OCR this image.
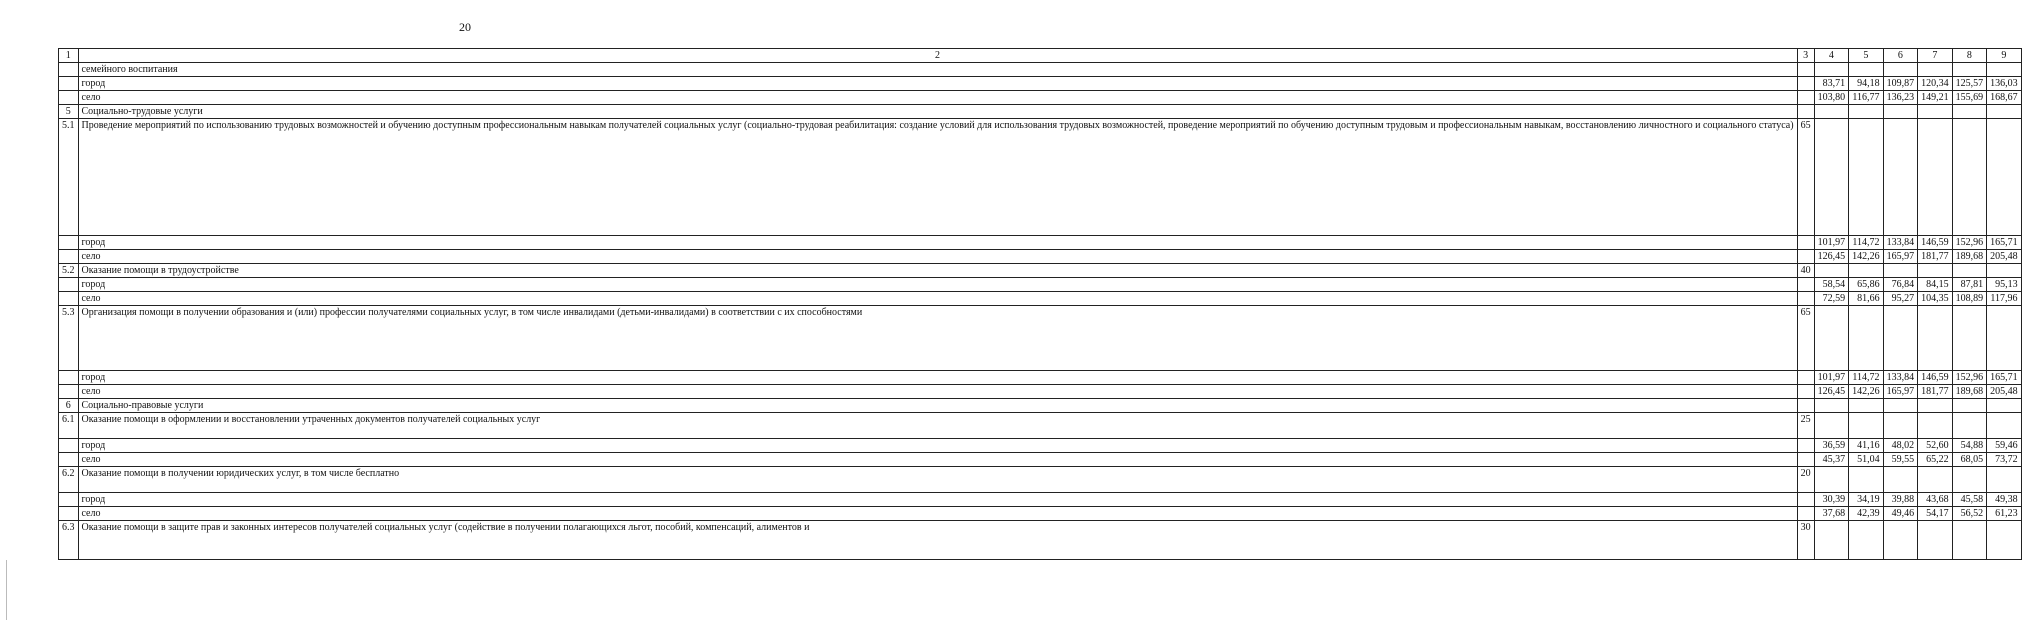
20
1	2	3	4	5	6	7	8	9
	семейного воспитания							
	город		83,71	94,18	109,87	120,34	125,57	136,03
	село		103,80	116,77	136,23	149,21	155,69	168,67
5	Социально-трудовые услуги							
5.1	Проведение мероприятий по использованию трудовых возможностей и обучению доступным профессиональным навыкам получателей социальных услуг (социально-трудовая реабилитация: создание условий для использования трудовых возможностей, проведение мероприятий по обучению доступным трудовым и профессиональным навыкам, восстановлению личностного и социального статуса)	65						
	город		101,97	114,72	133,84	146,59	152,96	165,71
	село		126,45	142,26	165,97	181,77	189,68	205,48
5.2	Оказание помощи в трудоустройстве	40						
	город		58,54	65,86	76,84	84,15	87,81	95,13
	село		72,59	81,66	95,27	104,35	108,89	117,96
5.3	Организация помощи в получении образования и (или) профессии получателями социальных услуг, в том числе инвалидами (детьми-инвалидами) в соответствии с их способностями	65						
	город		101,97	114,72	133,84	146,59	152,96	165,71
	село		126,45	142,26	165,97	181,77	189,68	205,48
6	Социально-правовые услуги							
6.1	Оказание помощи в оформлении и восстановлении утраченных документов получателей социальных услуг	25						
	город		36,59	41,16	48,02	52,60	54,88	59,46
	село		45,37	51,04	59,55	65,22	68,05	73,72
6.2	Оказание помощи в получении юридических услуг, в том числе бесплатно	20						
	город		30,39	34,19	39,88	43,68	45,58	49,38
	село		37,68	42,39	49,46	54,17	56,52	61,23
6.3	Оказание помощи в защите прав и законных интересов получателей социальных услуг (содействие в получении полагающихся льгот, пособий, компенсаций, алиментов и	30						
